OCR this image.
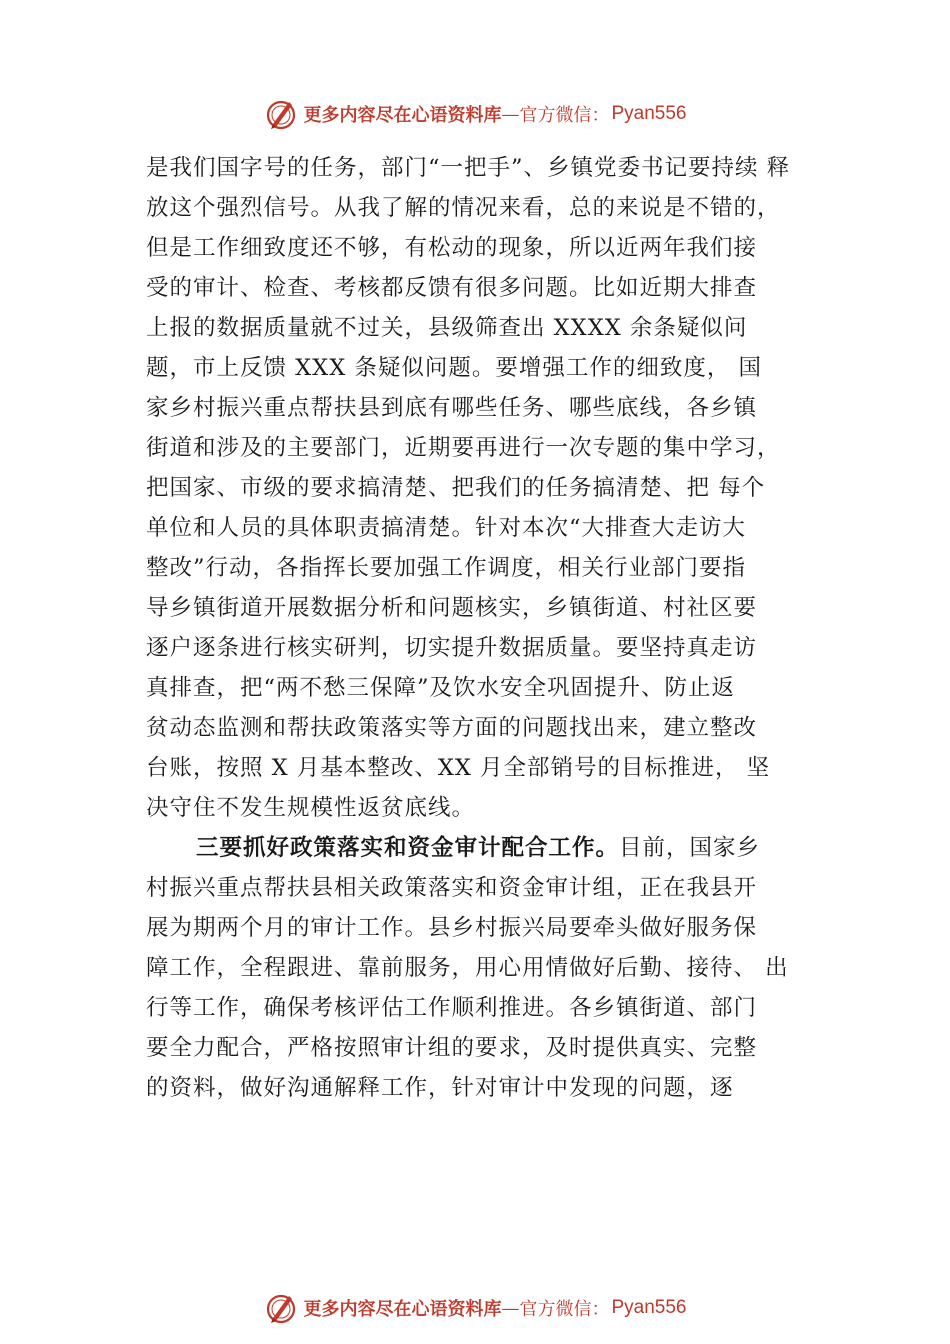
更多内容尽在心语资料库 — 官方微信： Pyan556
是我们国字号的任务，部门“一把手”、乡镇党委书记要持续 释
放这个强烈信号。从我了解的情况来看，总的来说是不错的，
但是工作细致度还不够，有松动的现象，所以近两年我们接
受的审计、检查、考核都反馈有很多问题。比如近期大排查
上报的数据质量就不过关，县级筛查出 XXXX 余条疑似问
题，市上反馈 XXX 条疑似问题。要增强工作的细致度， 国
家乡村振兴重点帮扶县到底有哪些任务、哪些底线，各乡镇
街道和涉及的主要部门，近期要再进行一次专题的集中学习，
把国家、市级的要求搞清楚、把我们的任务搞清楚、把 每个
单位和人员的具体职责搞清楚。针对本次“大排查大走访大
整改”行动，各指挥长要加强工作调度，相关行业部门要指
导乡镇街道开展数据分析和问题核实，乡镇街道、村社区要
逐户逐条进行核实研判，切实提升数据质量。要坚持真走访
真排查，把“两不愁三保障”及饮水安全巩固提升、防止返
贫动态监测和帮扶政策落实等方面的问题找出来，建立整改
台账，按照 X 月基本整改、XX 月全部销号的目标推进， 坚
决守住不发生规模性返贫底线。
三要抓好政策落实和资金审计配合工作。目前，国家乡
村振兴重点帮扶县相关政策落实和资金审计组，正在我县开
展为期两个月的审计工作。县乡村振兴局要牵头做好服务保
障工作，全程跟进、靠前服务，用心用情做好后勤、接待、 出
行等工作，确保考核评估工作顺利推进。各乡镇街道、部门
要全力配合，严格按照审计组的要求，及时提供真实、完整
的资料，做好沟通解释工作，针对审计中发现的问题，逐
更多内容尽在心语资料库 — 官方微信： Pyan556
